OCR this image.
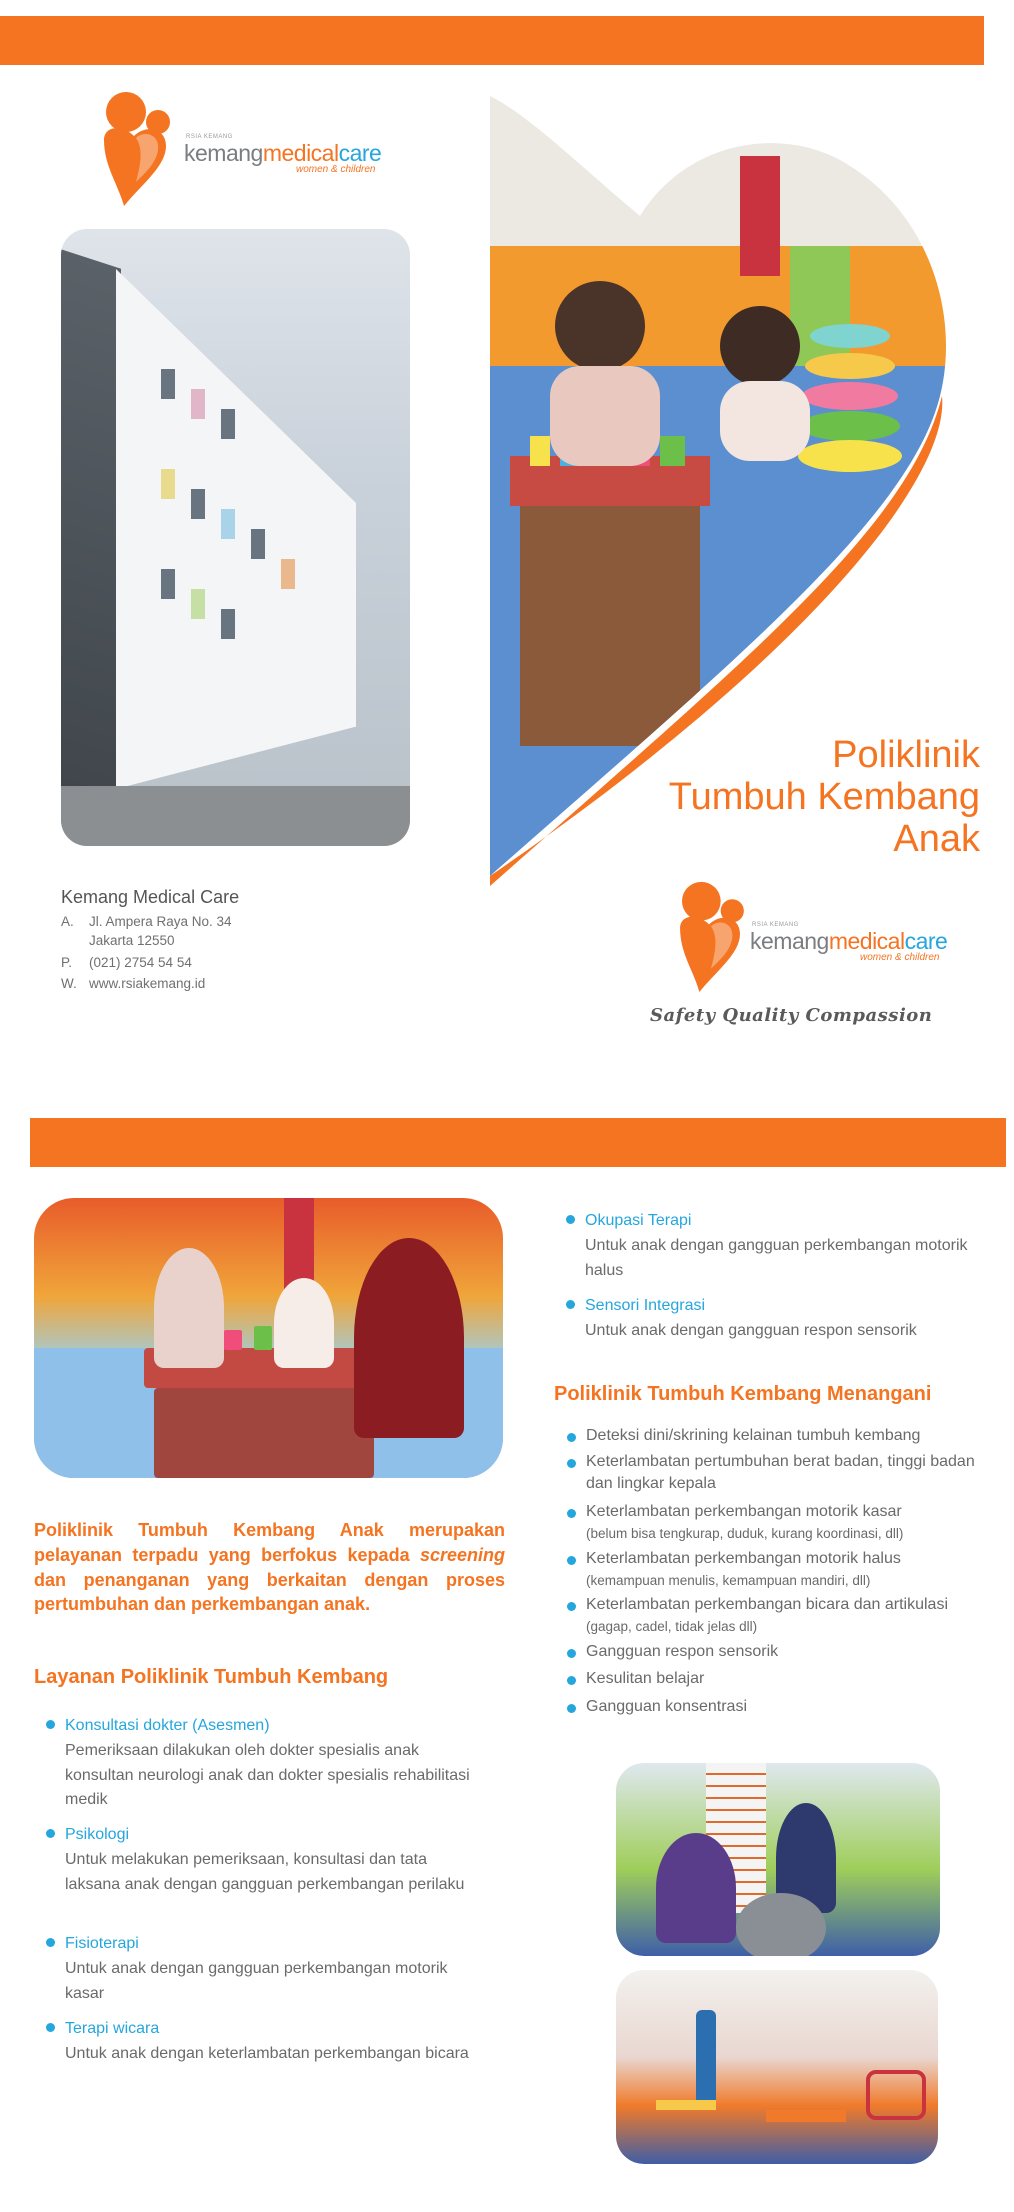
RSIA KEMANG
kemangmedicalcare
women & children
Poliklinik
Tumbuh Kembang
Anak
Kemang Medical Care
A. Jl. Ampera Raya No. 34
Jakarta 12550
P. (021) 2754 54 54
W. www.rsiakemang.id
RSIA KEMANG
kemangmedicalcare
women & children
Safety Quality Compassion
Poliklinik Tumbuh Kembang Anak merupakan pelayanan terpadu yang berfokus kepada screening dan penanganan yang berkaitan dengan proses pertumbuhan dan perkembangan anak.
Layanan Poliklinik Tumbuh Kembang
Konsultasi dokter (Asesmen)
Pemeriksaan dilakukan oleh dokter spesialis anak konsultan neurologi anak dan dokter spesialis rehabilitasi medik
Psikologi
Untuk melakukan pemeriksaan, konsultasi dan tata laksana anak dengan gangguan perkembangan perilaku
Fisioterapi
Untuk anak dengan gangguan perkembangan motorik kasar
Terapi wicara
Untuk anak dengan keterlambatan perkembangan bicara
Okupasi Terapi
Untuk anak dengan gangguan perkembangan motorik halus
Sensori Integrasi
Untuk anak dengan gangguan respon sensorik
Poliklinik Tumbuh Kembang Menangani
Deteksi dini/skrining kelainan tumbuh kembang
Keterlambatan pertumbuhan berat badan, tinggi badan dan lingkar kepala
Keterlambatan perkembangan motorik kasar
(belum bisa tengkurap, duduk, kurang koordinasi, dll)
Keterlambatan perkembangan motorik halus
(kemampuan menulis, kemampuan mandiri, dll)
Keterlambatan perkembangan bicara dan artikulasi (gagap, cadel, tidak jelas dll)
Gangguan respon sensorik
Kesulitan belajar
Gangguan konsentrasi
